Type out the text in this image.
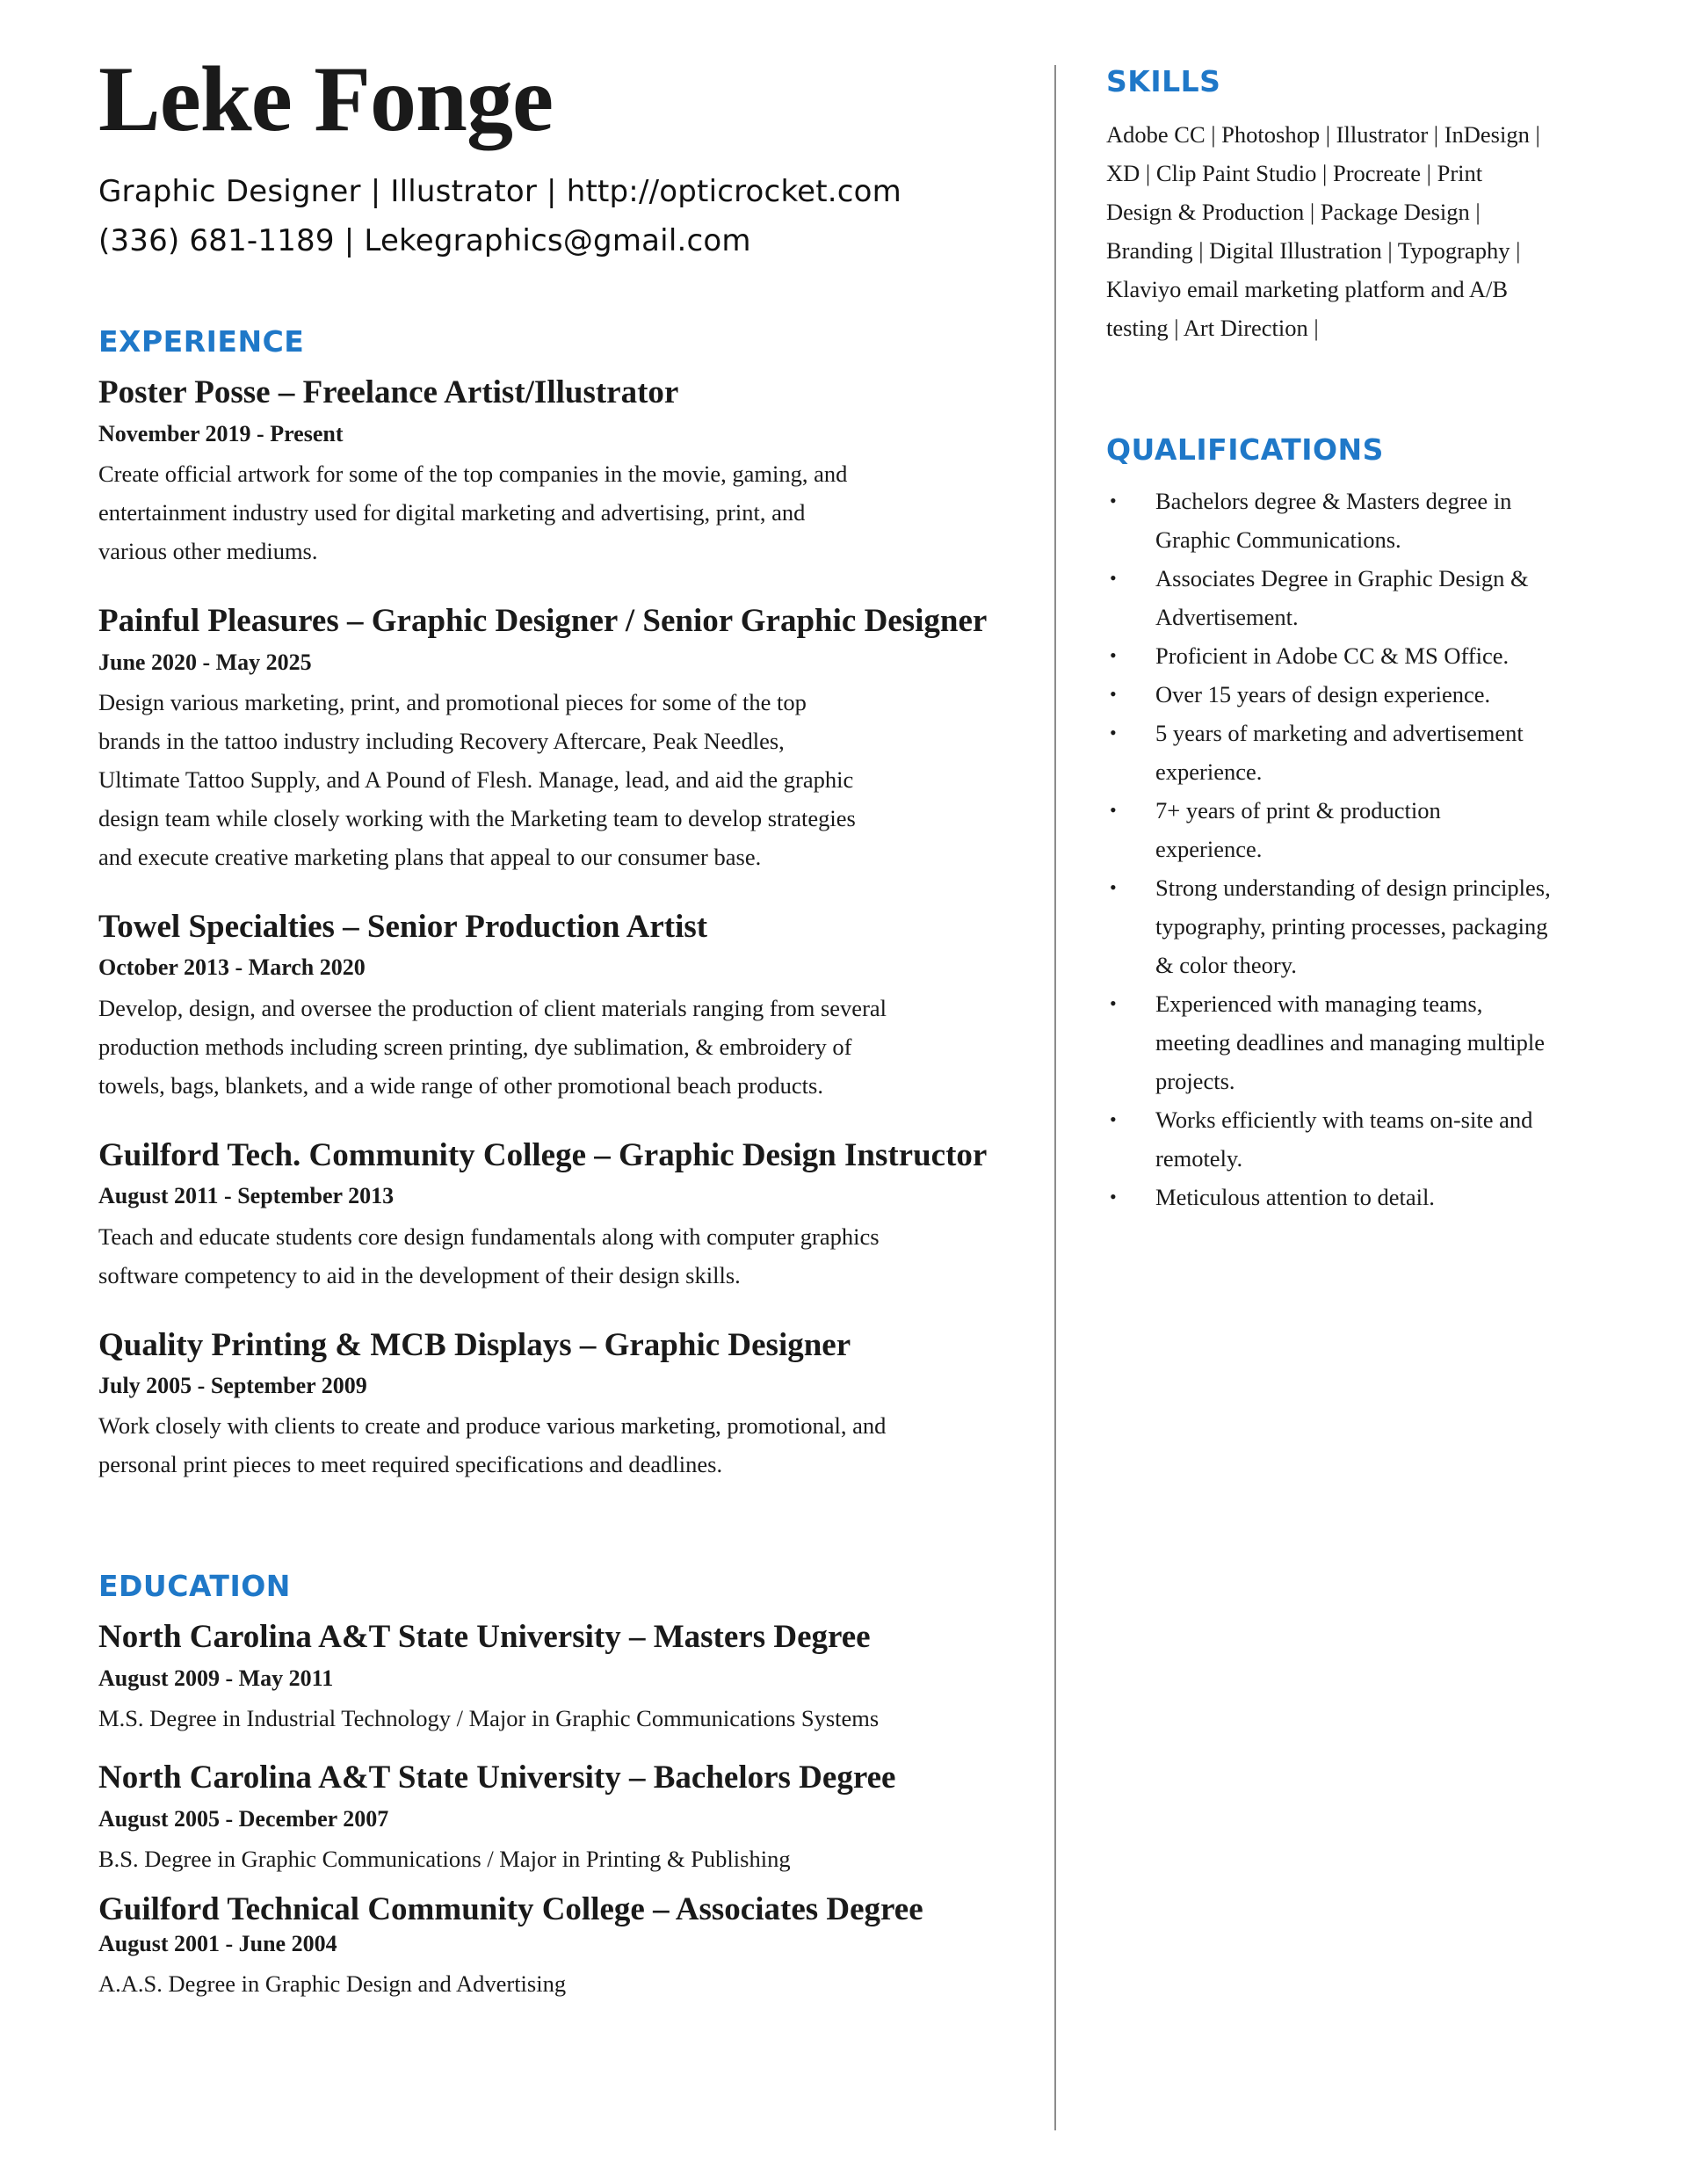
Leke Fonge
Graphic Designer | Illustrator | http://opticrocket.com
(336) 681-1189 | Lekegraphics@gmail.com
EXPERIENCE
Poster Posse – Freelance Artist/Illustrator
November 2019 - Present
Create official artwork for some of the top companies in the movie, gaming, and
entertainment industry used for digital marketing and advertising, print, and
various other mediums.
Painful Pleasures – Graphic Designer / Senior Graphic Designer
June 2020 - May 2025
Design various marketing, print, and promotional pieces for some of the top
brands in the tattoo industry including Recovery Aftercare, Peak Needles,
Ultimate Tattoo Supply, and A Pound of Flesh. Manage, lead, and aid the graphic
design team while closely working with the Marketing team to develop strategies
and execute creative marketing plans that appeal to our consumer base.
Towel Specialties – Senior Production Artist
October 2013 - March 2020
Develop, design, and oversee the production of client materials ranging from several
production methods including screen printing, dye sublimation, & embroidery of
towels, bags, blankets, and a wide range of other promotional beach products.
Guilford Tech. Community College – Graphic Design Instructor
August 2011 - September 2013
Teach and educate students core design fundamentals along with computer graphics
software competency to aid in the development of their design skills.
Quality Printing & MCB Displays – Graphic Designer
July 2005 - September 2009
Work closely with clients to create and produce various marketing, promotional, and
personal print pieces to meet required specifications and deadlines.
EDUCATION
North Carolina A&T State University – Masters Degree
August 2009 - May 2011
M.S. Degree in Industrial Technology / Major in Graphic Communications Systems
North Carolina A&T State University – Bachelors Degree
August 2005 - December 2007
B.S. Degree in Graphic Communications / Major in Printing & Publishing
Guilford Technical Community College – Associates Degree
August 2001 - June 2004
A.A.S. Degree in Graphic Design and Advertising
SKILLS
Adobe CC | Photoshop | Illustrator | InDesign |
XD | Clip Paint Studio | Procreate | Print
Design & Production | Package Design |
Branding | Digital Illustration | Typography |
Klaviyo email marketing platform and A/B
testing | Art Direction |
QUALIFICATIONS
• Bachelors degree & Masters degree in
Graphic Communications.
• Associates Degree in Graphic Design &
Advertisement.
• Proficient in Adobe CC & MS Office.
• Over 15 years of design experience.
• 5 years of marketing and advertisement
experience.
• 7+ years of print & production
experience.
• Strong understanding of design principles,
typography, printing processes, packaging
& color theory.
• Experienced with managing teams,
meeting deadlines and managing multiple
projects.
• Works efficiently with teams on-site and
remotely.
• Meticulous attention to detail.
